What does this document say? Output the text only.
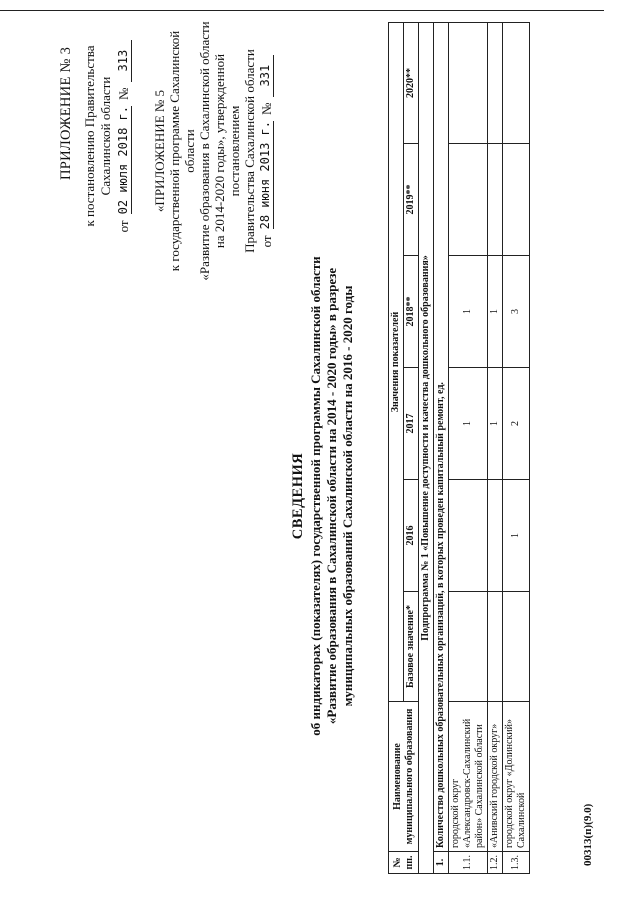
ПРИЛОЖЕНИЕ № 3 к постановлению Правительства Сахалинской области
от
02 июля 2018 г.
№
313
«ПРИЛОЖЕНИЕ № 5 к государственной программе Сахалинской области «Развитие образования в Сахалинской области на 2014-2020 годы», утвержденной постановлением Правительства Сахалинской области от
28 июня 2013 г.
№
331
СВЕДЕНИЯ об индикаторах (показателях) государственной программы Сахалинской области «Развитие образования в Сахалинской области на 2014 - 2020 годы» в разрезе муниципальных образований Сахалинской области на 2016 - 2020 годы
№ пп.	Наименование муниципального образования	Значения показателей					
		Базовое значение*	2016	2017	2018**	2019**	2020**
Подпрограмма № 1 «Повышение доступности и качества дошкольного образования»							
1.	Количество дошкольных образовательных организаций, в которых проведен капитальный ремонт, ед.						
1.1.	городской округ «Александровск-Сахалинский район» Сахалинской области			1	1		
1.2.	«Анивский городской округ»			1	1		
1.3.	городской округ «Долинский» Сахалинской		1	2	3		
00313(п)(9.0)
